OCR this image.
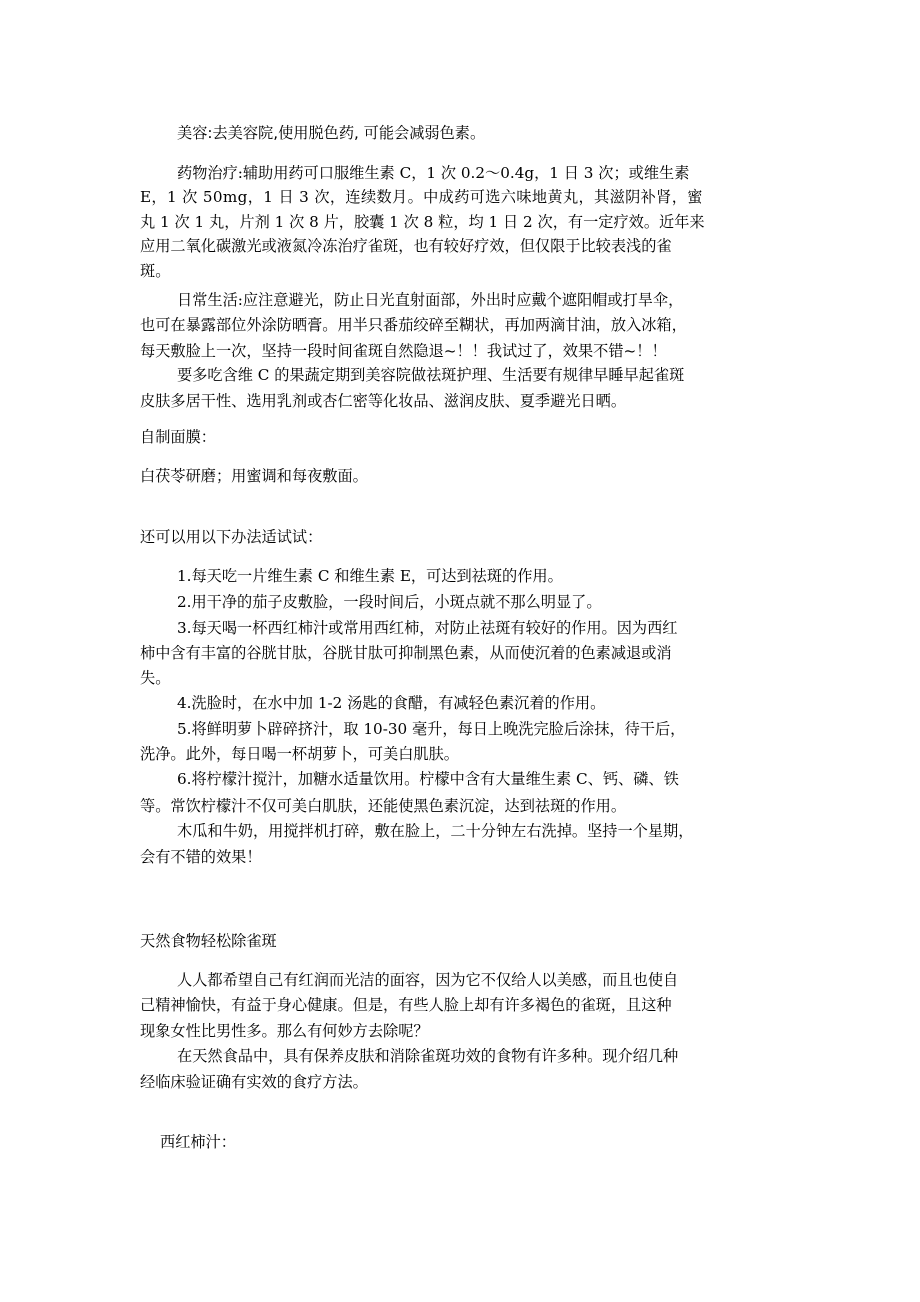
美容:去美容院,使用脱色药, 可能会减弱色素。
药物治疗:辅助用药可口服维生素 C，1 次 0.2～0.4g，1 日 3 次；或维生素
E，1 次 50mg，1 日 3 次，连续数月。中成药可选六味地黄丸，其滋阴补肾，蜜
丸 1 次 1 丸，片剂 1 次 8 片，胶囊 1 次 8 粒，均 1 日 2 次，有一定疗效。近年来
应用二氧化碳激光或液氮冷冻治疗雀斑，也有较好疗效，但仅限于比较表浅的雀
斑。
日常生活:应注意避光，防止日光直射面部，外出时应戴个遮阳帽或打旱伞，
也可在暴露部位外涂防晒膏。用半只番茄绞碎至糊状，再加两滴甘油，放入冰箱，
每天敷脸上一次，坚持一段时间雀斑自然隐退~！！我试过了，效果不错~！！
要多吃含维 C 的果蔬定期到美容院做祛斑护理、生活要有规律早睡早起雀斑
皮肤多居干性、选用乳剂或杏仁密等化妆品、滋润皮肤、夏季避光日晒。
自制面膜：
白茯苓研磨；用蜜调和每夜敷面。
还可以用以下办法适试试：
1.每天吃一片维生素 C 和维生素 E，可达到祛斑的作用。
2.用干净的茄子皮敷脸，一段时间后，小斑点就不那么明显了。
3.每天喝一杯西红柿汁或常用西红柿，对防止祛斑有较好的作用。因为西红
柿中含有丰富的谷胱甘肽，谷胱甘肽可抑制黑色素，从而使沉着的色素减退或消
失。
4.洗脸时，在水中加 1-2 汤匙的食醋，有减轻色素沉着的作用。
5.将鲜明萝卜辟碎挤汁，取 10-30 毫升，每日上晚洗完脸后涂抹，待干后，
洗净。此外，每日喝一杯胡萝卜，可美白肌肤。
6.将柠檬汁搅汁，加糖水适量饮用。柠檬中含有大量维生素 C、钙、磷、铁
等。常饮柠檬汁不仅可美白肌肤，还能使黑色素沉淀，达到祛斑的作用。
木瓜和牛奶，用搅拌机打碎，敷在脸上，二十分钟左右洗掉。坚持一个星期，
会有不错的效果！
天然食物轻松除雀斑
人人都希望自己有红润而光洁的面容，因为它不仅给人以美感，而且也使自
己精神愉快，有益于身心健康。但是，有些人脸上却有许多褐色的雀斑，且这种
现象女性比男性多。那么有何妙方去除呢？
在天然食品中，具有保养皮肤和消除雀斑功效的食物有许多种。现介绍几种
经临床验证确有实效的食疗方法。
西红柿汁：
